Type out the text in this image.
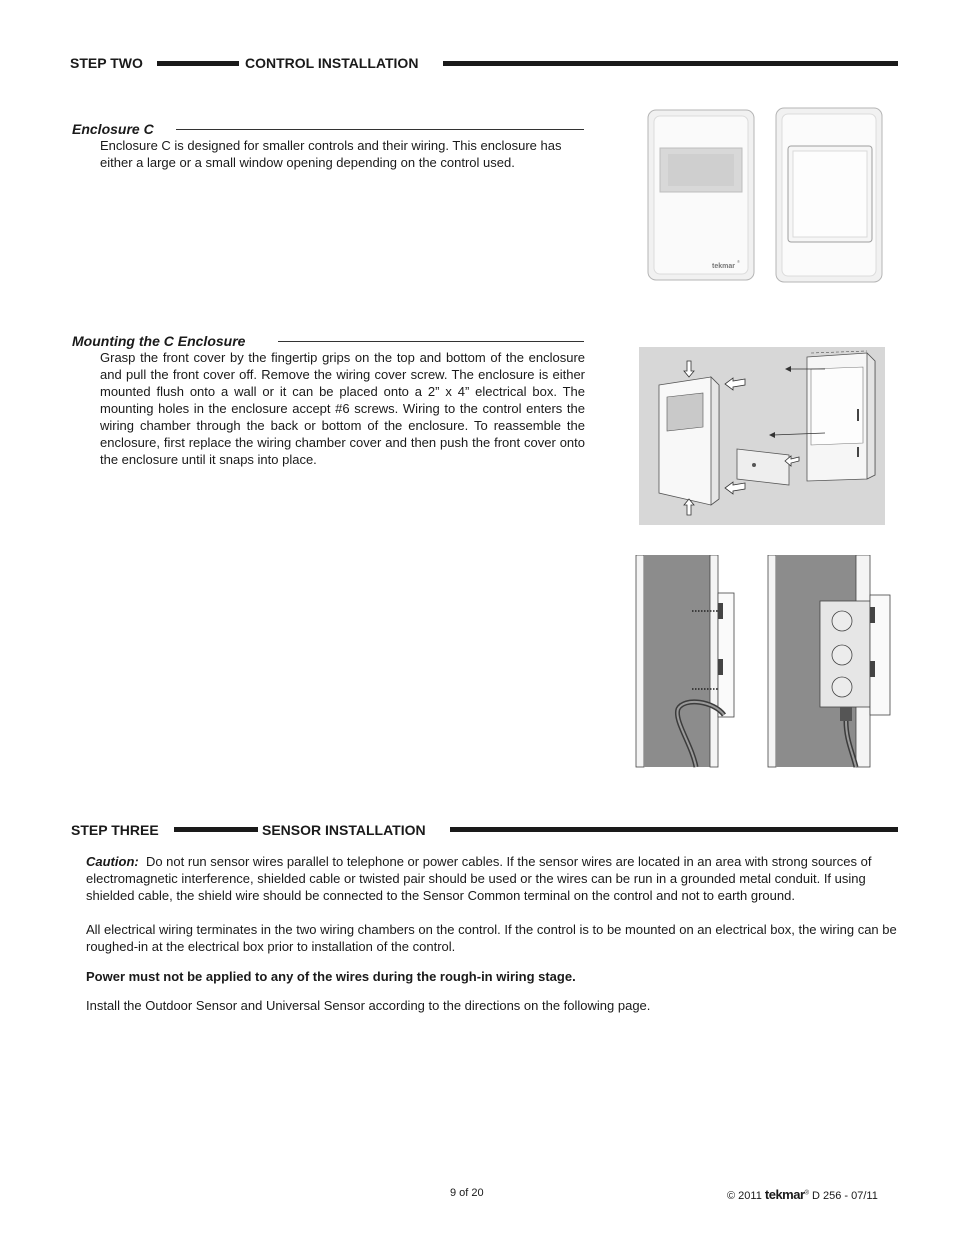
STEP TWO	CONTROL INSTALLATION
Enclosure C
Enclosure C is designed for smaller controls and their wiring. This enclosure has either a large or a small window opening depending on the control used.
tekmar
®
Mounting the C Enclosure
Grasp the front cover by the fingertip grips on the top and bottom of the enclosure and pull the front cover off. Remove the wiring cover screw. The enclosure is either mounted flush onto a wall or it can be placed onto a 2” x 4” electrical box. The mounting holes in the enclosure accept #6 screws. Wiring to the control enters the wiring chamber through the back or bottom of the enclosure. To reassemble the enclosure, first replace the wiring chamber cover and then push the front cover onto the enclosure until it snaps into place.
STEP THREE	SENSOR INSTALLATION
Caution: Do not run sensor wires parallel to telephone or power cables. If the sensor wires are located in an area with strong sources of electromagnetic interference, shielded cable or twisted pair should be used or the wires can be run in a grounded metal conduit. If using shielded cable, the shield wire should be connected to the Sensor Common terminal on the control and not to earth ground.
All electrical wiring terminates in the two wiring chambers on the control. If the control is to be mounted on an electrical box, the wiring can be roughed-in at the electrical box prior to installation of the control.
Power must not be applied to any of the wires during the rough-in wiring stage.
Install the Outdoor Sensor and Universal Sensor according to the directions on the following page.
9 of 20	© 2011 tekmar® D 256 - 07/11
